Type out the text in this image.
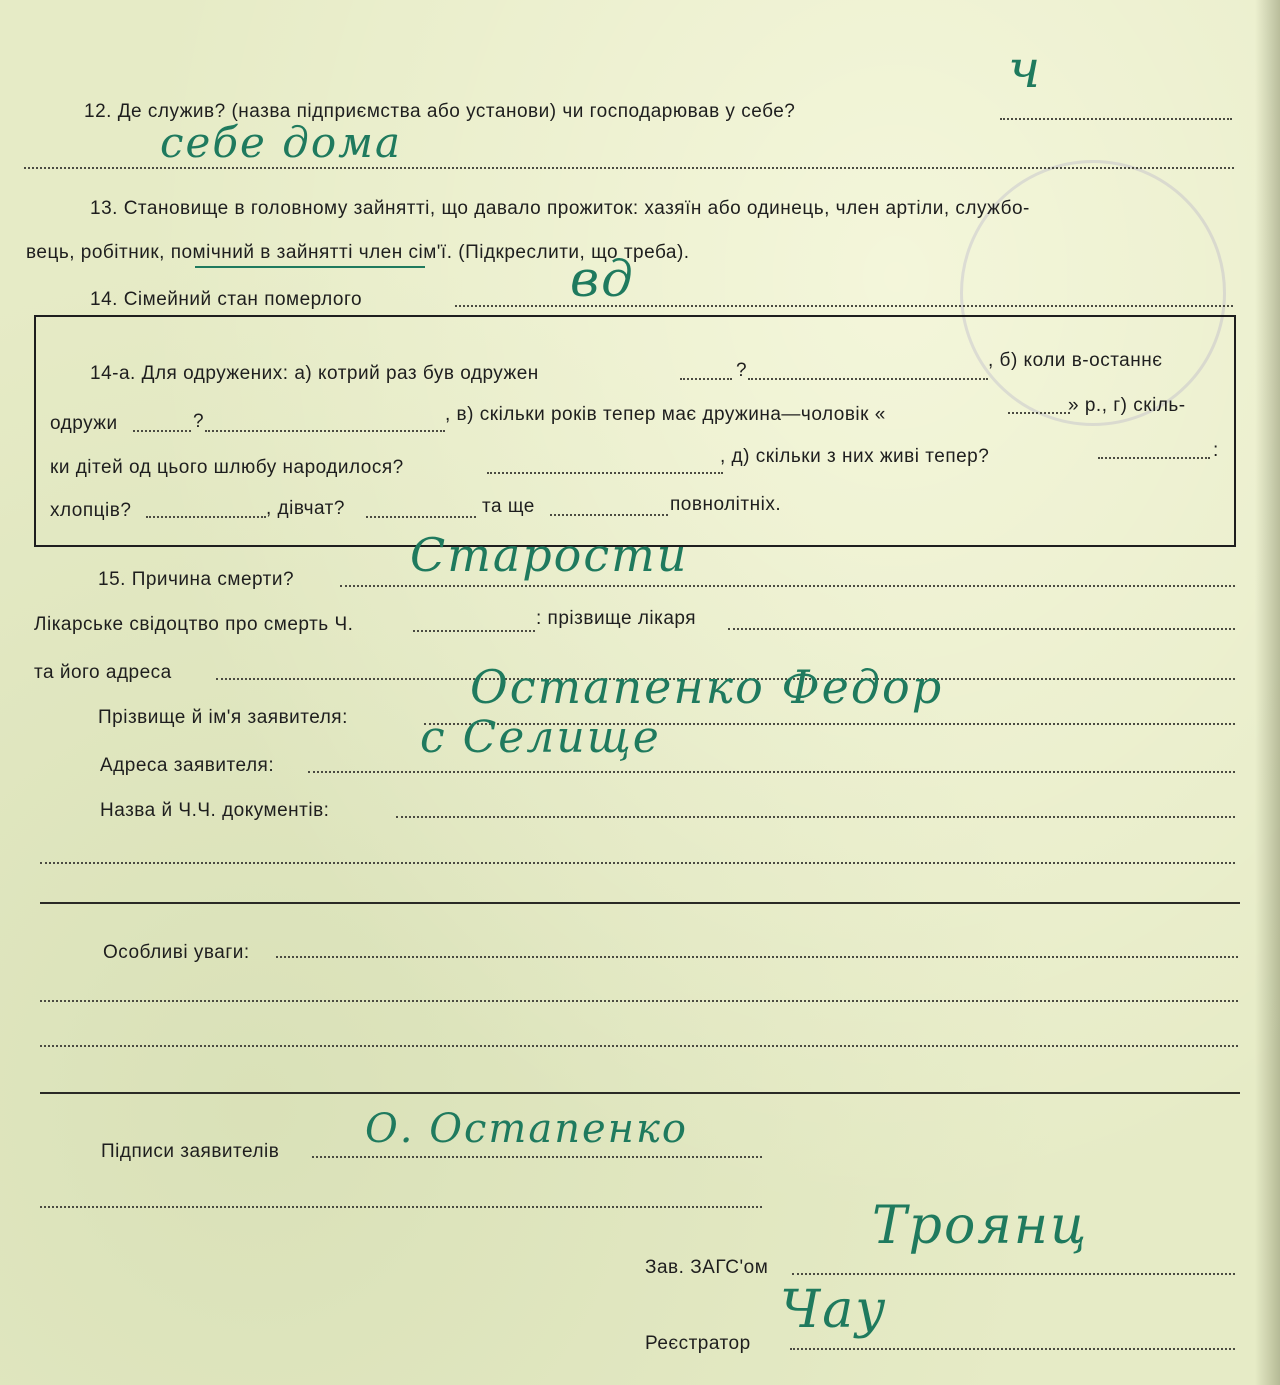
12. Де служив? (назва підприємства або установи) чи господарював у себе?
ч
себе дома
13. Становище в головному зайнятті, що давало прожиток: хазяїн або одинець, член артіли, службо-
вець, робітник, помічний в зайнятті член сім'ї. (Підкреслити, що треба).
14. Сімейний стан померлого	вд
14-а. Для одружених: а) котрий раз був одружен	?	, б) коли в-останнє
одружи	?	, в) скільки років тепер має дружина—чоловік «	» р., г) скіль-
ки дітей од цього шлюбу народилося?
, д) скільки з них живі тепер?	:
хлопців?	, дівчат?	та ще	повнолітніх.
15. Причина смерти?	Старости
Лікарське свідоцтво про смерть Ч.	: прізвище лікаря
та його адреса
Прізвище й ім'я заявителя:
Остапенко Федор
Адреса заявителя:
с Селище
Назва й Ч.Ч. документів:
Особливі уваги:
Підписи заявителів О. Остапенко
Зав. ЗАГС'ом
Троянц
Реєстратор
Чау
